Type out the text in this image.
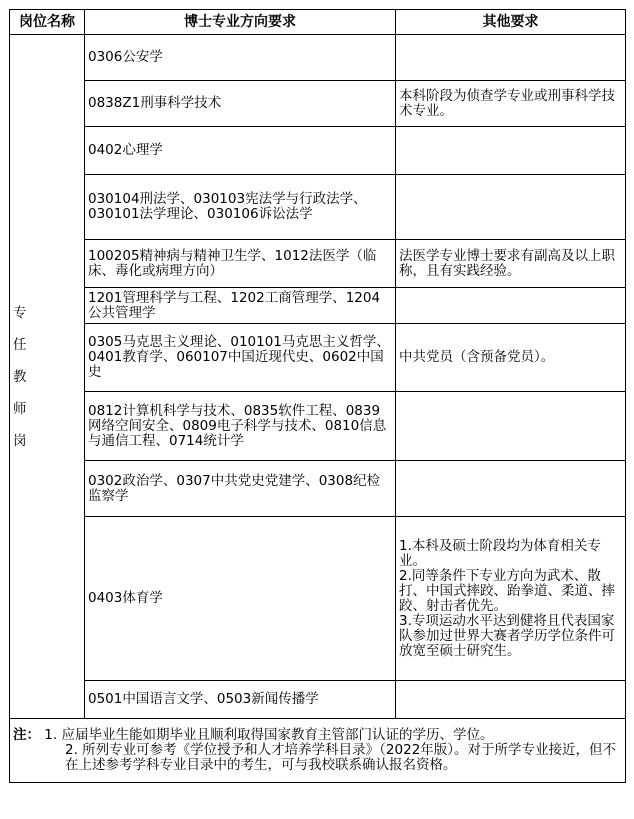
岗位名称	博士专业方向要求	其他要求

专
任
教
师
岗	0306公安学	
	0838Z1刑事科学技术	本科阶段为侦查学专业或刑事科学技术专业。
	0402心理学	
	030104刑法学、030103宪法学与行政法学、030101法学理论、030106诉讼法学	
	100205精神病与精神卫生学、1012法医学（临床、毒化或病理方向）	法医学专业博士要求有副高及以上职称，且有实践经验。
	1201管理科学与工程、1202工商管理学、1204公共管理学	
	0305马克思主义理论、010101马克思主义哲学、0401教育学、060107中国近现代史、0602中国史	中共党员（含预备党员）。
	0812计算机科学与技术、0835软件工程、0839网络空间安全、0809电子科学与技术、0810信息与通信工程、0714统计学	
	0302政治学、0307中共党史党建学、0308纪检监察学	
	0403体育学	1.本科及硕士阶段均为体育相关专业。
2.同等条件下专业方向为武术、散打、中国式摔跤、跆拳道、柔道、摔跤、射击者优先。
3.专项运动水平达到健将且代表国家队参加过世界大赛者学历学位条件可放宽至硕士研究生。

	0501中国语言文学、0503新闻传播学	

注： 1. 应届毕业生能如期毕业且顺利取得国家教育主管部门认证的学历、学位。
2. 所列专业可参考《学位授予和人才培养学科目录》（2022年版）。对于所学专业接近，但不在上述参考学科专业目录中的考生，可与我校联系确认报名资格。		
